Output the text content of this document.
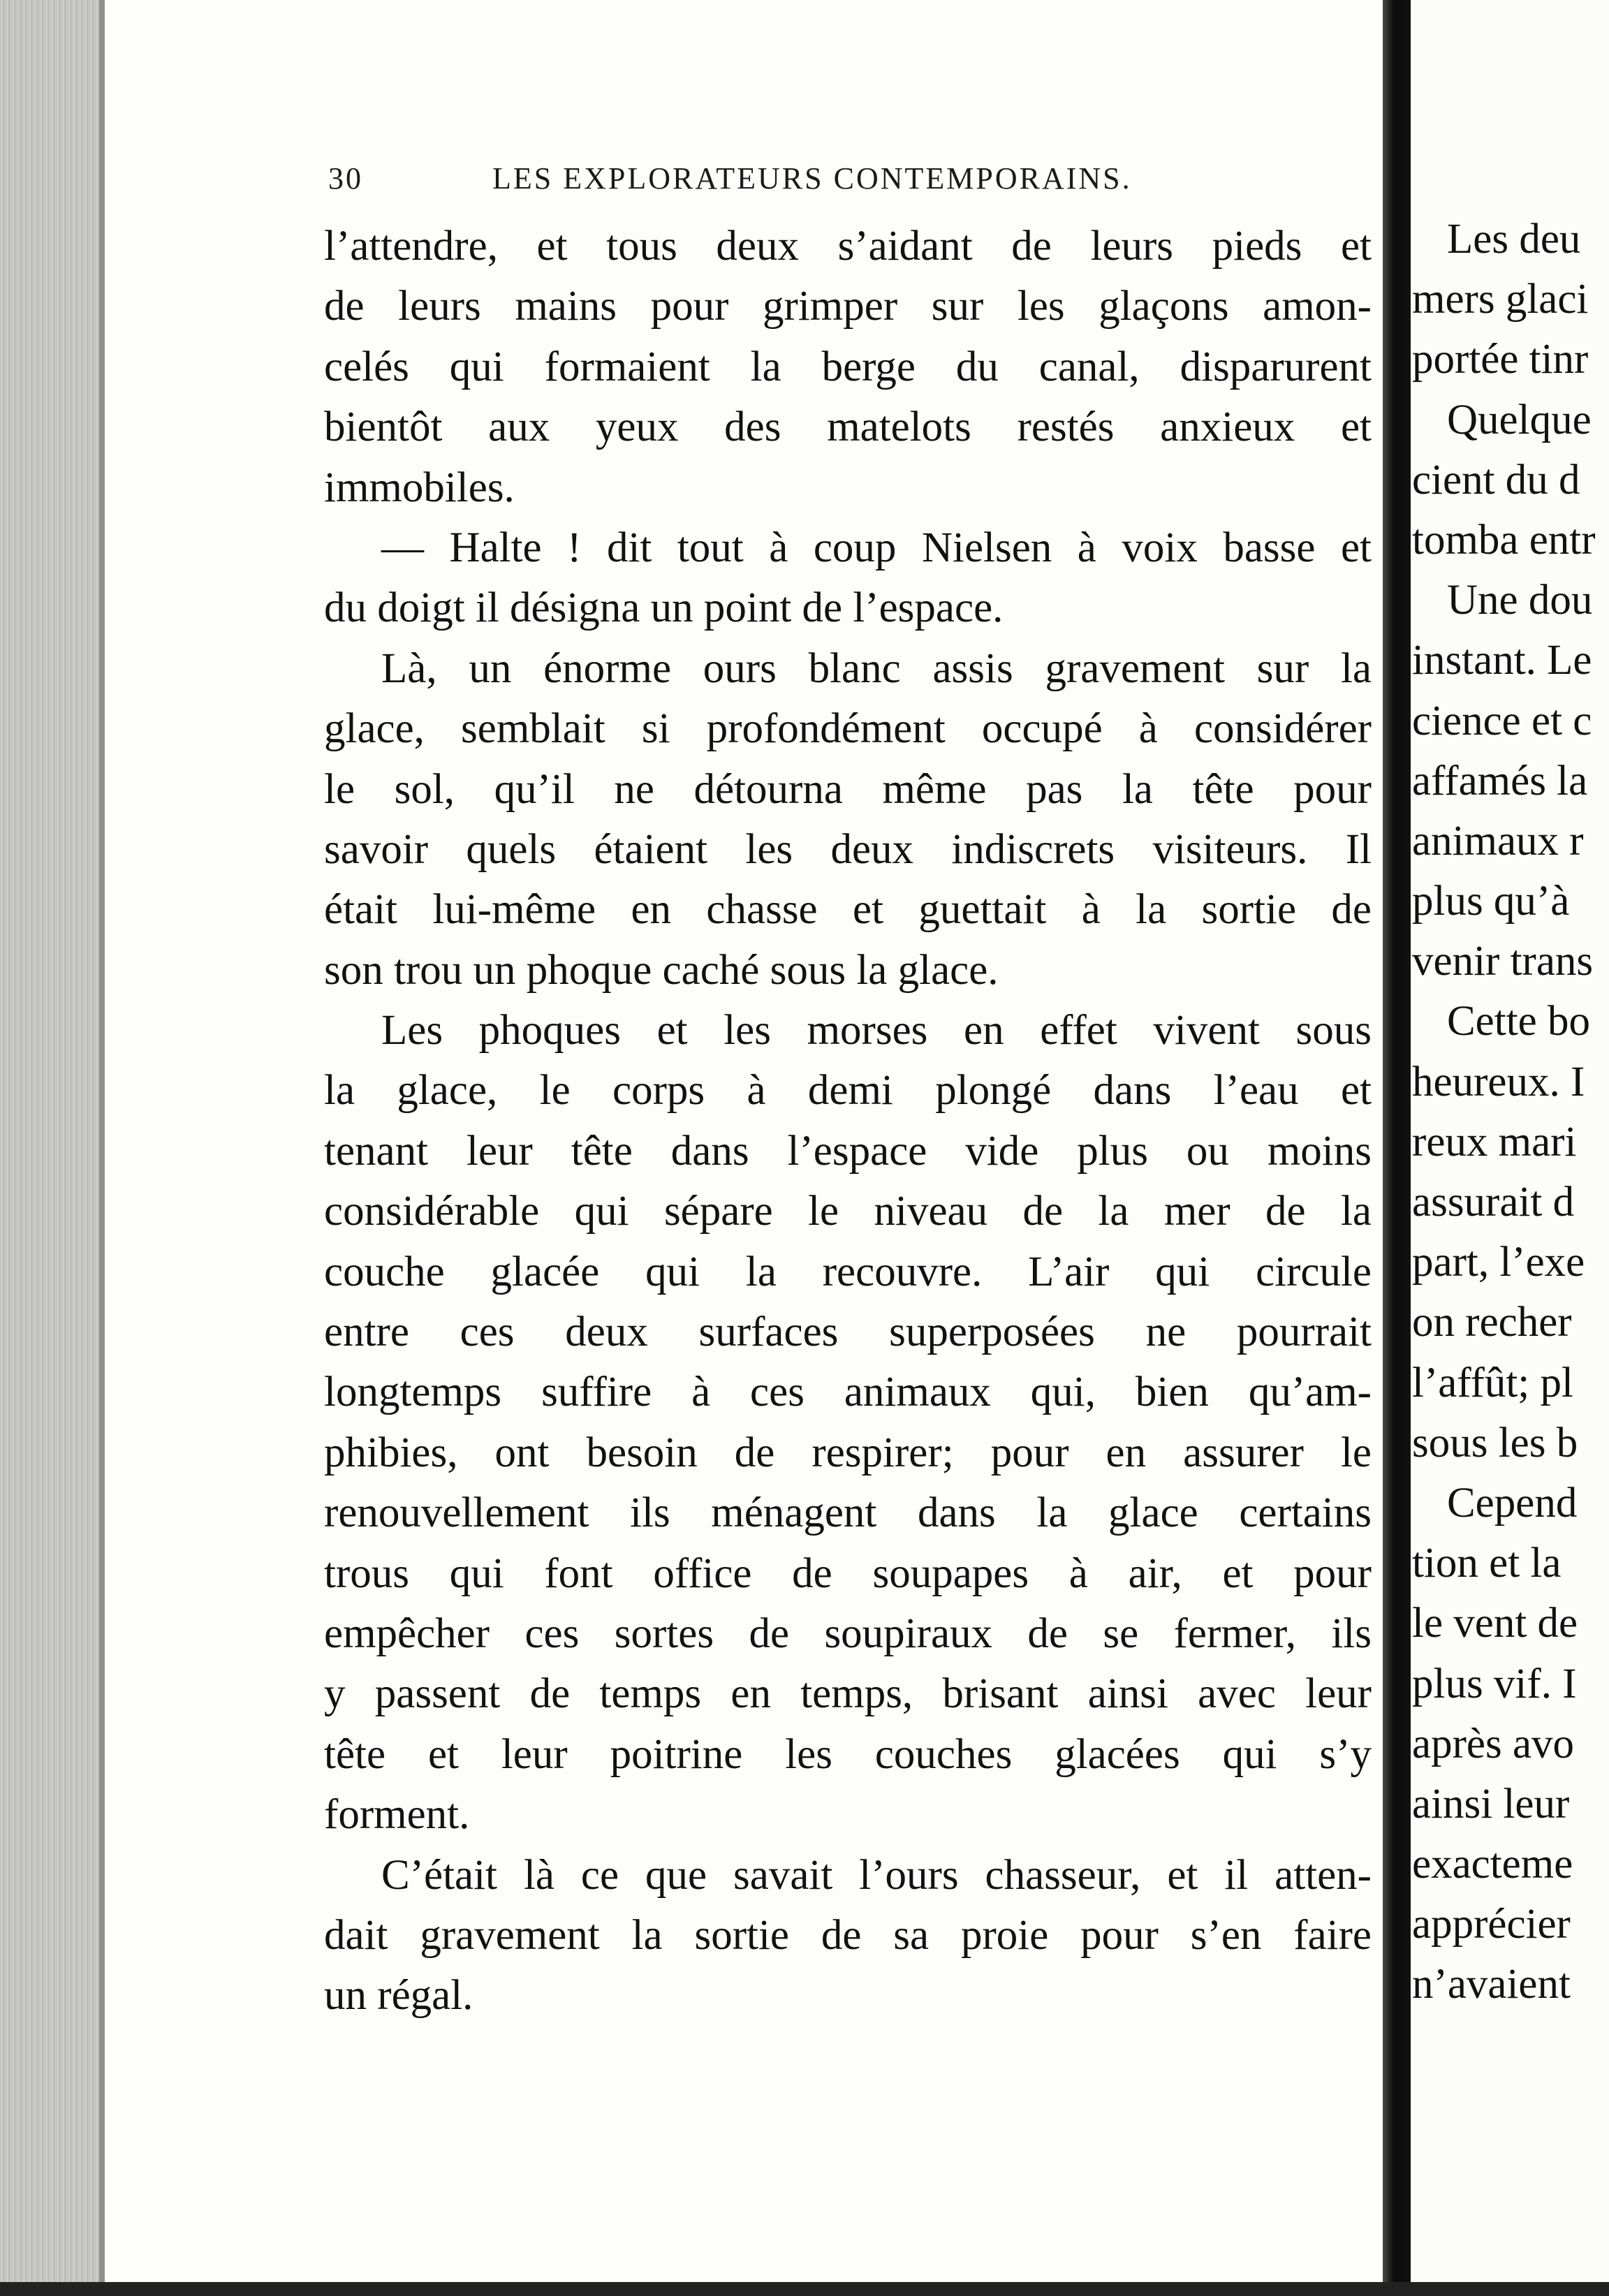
30	LES EXPLORATEURS CONTEMPORAINS.
l’attendre, et tous deux s’aidant de leurs pieds et
de leurs mains pour grimper sur les glaçons amon-
celés qui formaient la berge du canal, disparurent
bientôt aux yeux des matelots restés anxieux et
immobiles.
— Halte ! dit tout à coup Nielsen à voix basse et
du doigt il désigna un point de l’espace.
Là, un énorme ours blanc assis gravement sur la
glace, semblait si profondément occupé à considérer
le sol, qu’il ne détourna même pas la tête pour
savoir quels étaient les deux indiscrets visiteurs. Il
était lui-même en chasse et guettait à la sortie de
son trou un phoque caché sous la glace.
Les phoques et les morses en effet vivent sous
la glace, le corps à demi plongé dans l’eau et
tenant leur tête dans l’espace vide plus ou moins
considérable qui sépare le niveau de la mer de la
couche glacée qui la recouvre. L’air qui circule
entre ces deux surfaces superposées ne pourrait
longtemps suffire à ces animaux qui, bien qu’am-
phibies, ont besoin de respirer; pour en assurer le
renouvellement ils ménagent dans la glace certains
trous qui font office de soupapes à air, et pour
empêcher ces sortes de soupiraux de se fermer, ils
y passent de temps en temps, brisant ainsi avec leur
tête et leur poitrine les couches glacées qui s’y
forment.
C’était là ce que savait l’ours chasseur, et il atten-
dait gravement la sortie de sa proie pour s’en faire
un régal.
Les deu
mers glaci
portée tinr
Quelque
cient du d
tomba entr
Une dou
instant. Le
cience et c
affamés la
animaux r
plus qu’à
venir trans
Cette bo
heureux. I
reux mari
assurait d
part, l’exe
on recher
l’affût; pl
sous les b
Cepend
tion et la
le vent de
plus vif. I
après avo
ainsi leur
exacteme
apprécier
n’avaient
